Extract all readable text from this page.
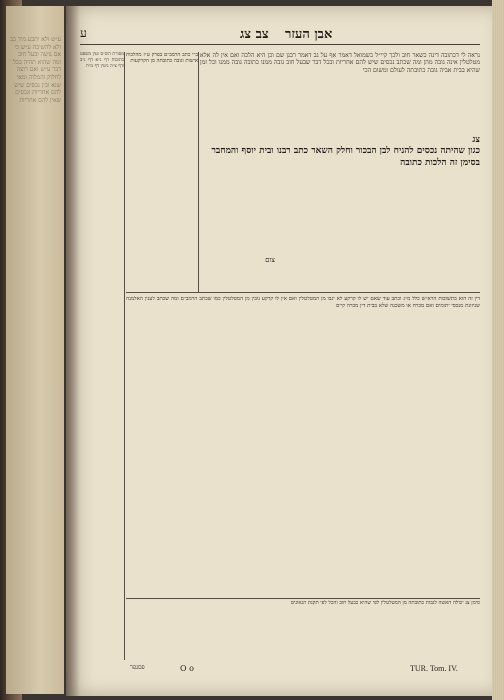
ע״ש ולא יתבע מיד כב ולא להשיבה ע״ש כי אם נושה ובעל חוב ומה שהוא תהיה בכל דבר ע״ש ואם רוצה לחלוק והמלוה ומאי שנא ובין נכסים שיש להם אחריות ונכסים שאין להם אחריות
ע	צב צג אבן העזר
מסורת הש״ס ועין משפט כתובות דף נ״א דף נ״ב ודף צ״ה גיטין דף מ״ח
ב״י כתב הרמב״ם בפרק ט״ז מהלכות אישות וגובה כתובתה מן הקרקעות
נראה לי דכתובה דינה כשאר חוב ולכך קיי״ל כשמואל דאמר אף על גב דאמר רבנן שם וכן היא הלכה ואם אין לה אלא מטלטלין אינה גובה מהן ומה שכתב נכסים שיש להם אחריות ובכל דבר שבעל חוב גובה ממנו כתובה גובה ממנו וכל זמן שהיא בבית אביה גובה כתובתה לעולם ומשום הכי
צג
כגון שהיתה נכסים להניח לבן הבכור וחלק השאר כתב רבנו ובית יוסף והמחבר בסימן זה הלכות כתובה
צום
דין זה הוא בתשובות הרא״ש כלל מ״ג וכתב עוד שאם יש לו קרקע לא יגבו מן המטלטלין ואם אין לו קרקע גובין מן המטלטלין כמו שכתב הרמב״ם ומה שכתב לענין האלמנה שניזונת מנכסי יתומים ואם מכרה או משכנה שלא בבית דין מכרה קיים
סימן צג יכולה האשה לגבות כתובתה מן המטלטלין לפי שהיא כבעל חוב והכל לפי תקנת הגאונים
פסגפר	O o	TUR. Tom. IV.
